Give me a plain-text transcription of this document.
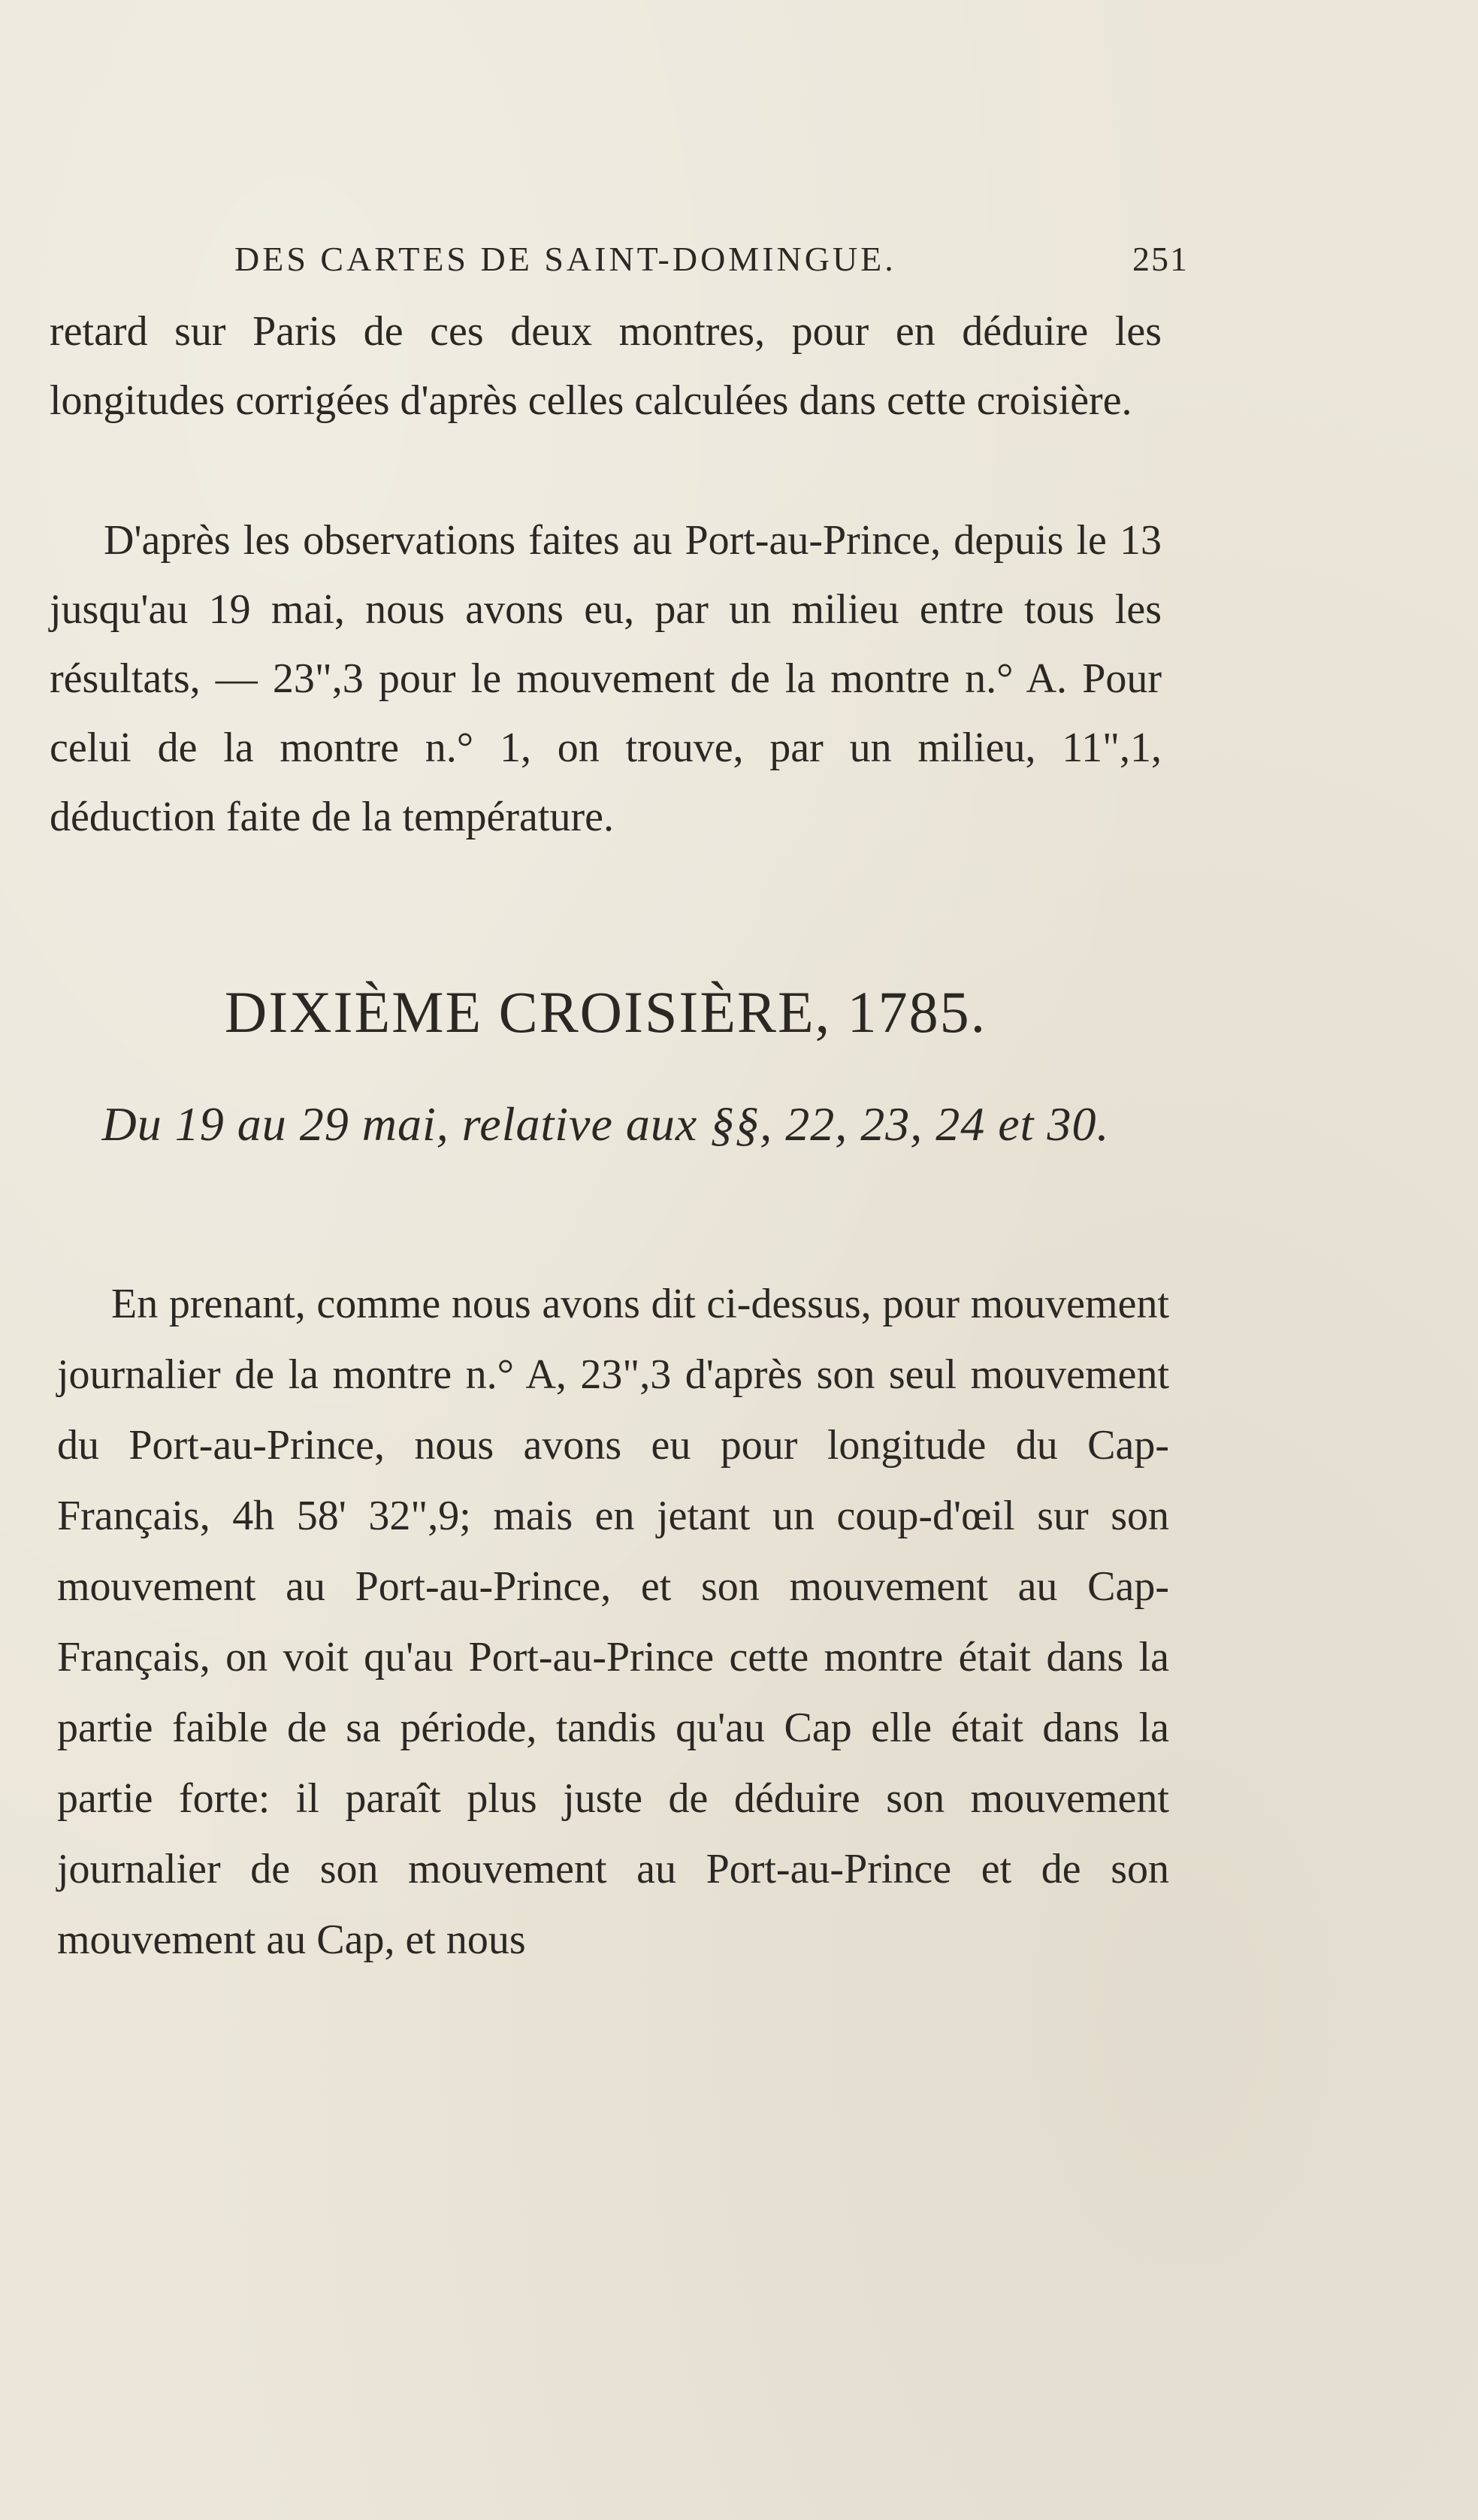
DES CARTES DE SAINT-DOMINGUE.	251

retard sur Paris de ces deux montres, pour en déduire les longitudes corrigées d'après celles calculées dans cette croisière.

D'après les observations faites au Port-au-Prince, depuis le 13 jusqu'au 19 mai, nous avons eu, par un milieu entre tous les résultats, — 23",3 pour le mouvement de la montre n.° A. Pour celui de la montre n.° 1, on trouve, par un milieu, 11",1, déduction faite de la température.

DIXIÈME CROISIÈRE, 1785.
Du 19 au 29 mai, relative aux §§, 22, 23, 24 et 30.

En prenant, comme nous avons dit ci-dessus, pour mouvement journalier de la montre n.° A, 23",3 d'après son seul mouvement du Port-au-Prince, nous avons eu pour longitude du Cap-Français, 4h 58' 32",9; mais en jetant un coup-d'œil sur son mouvement au Port-au-Prince, et son mouvement au Cap-Français, on voit qu'au Port-au-Prince cette montre était dans la partie faible de sa période, tandis qu'au Cap elle était dans la partie forte: il paraît plus juste de déduire son mouvement journalier de son mouvement au Port-au-Prince et de son mouvement au Cap, et nous
